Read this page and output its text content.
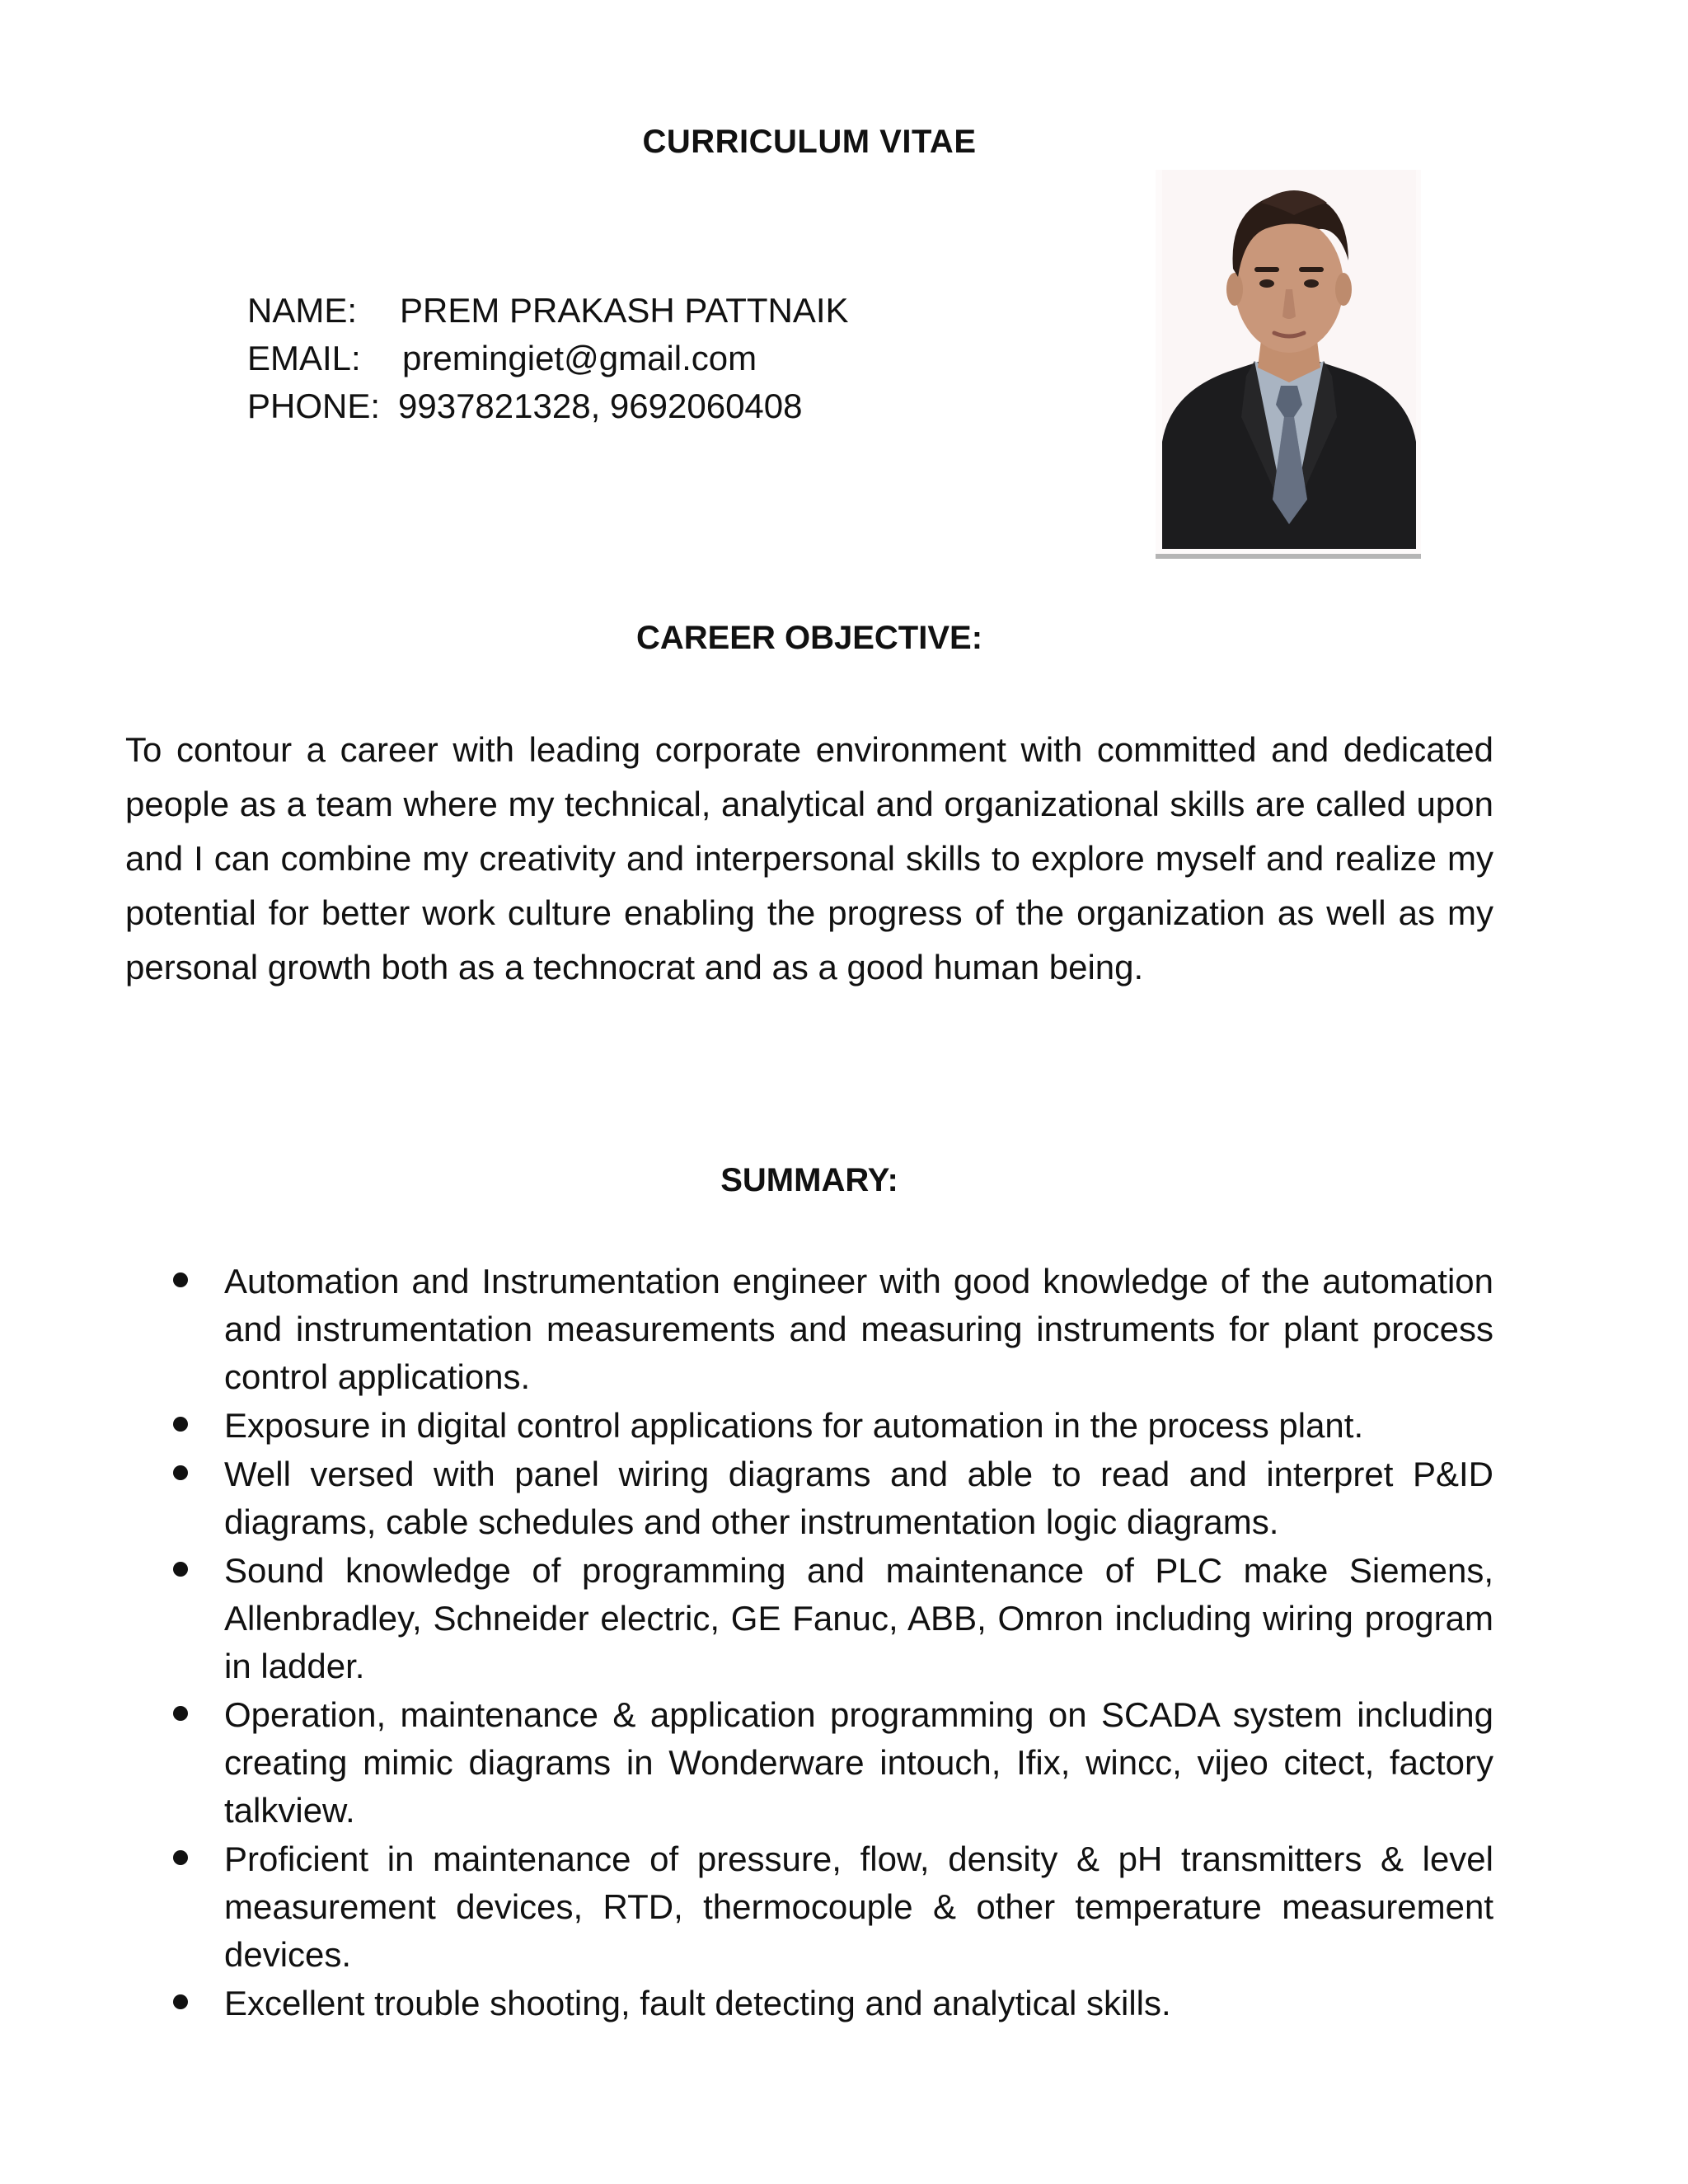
CURRICULUM VITAE
NAME:	PREM PRAKASH PATTNAIK
EMAIL:	premingiet@gmail.com
PHONE: 9937821328, 9692060408
CAREER OBJECTIVE:
To contour a career with leading corporate environment with committed and dedicated people as a team where my technical, analytical and organizational skills are called upon and I can combine my creativity and interpersonal skills to explore myself and realize my potential for better work culture enabling the progress of the organization as well as my personal growth both as a technocrat and as a good human being.
SUMMARY:
Automation and Instrumentation engineer with good knowledge of the automation and instrumentation measurements and measuring instruments for plant process control applications.
Exposure in digital control applications for automation in the process plant.
Well versed with panel wiring diagrams and able to read and interpret P&ID diagrams, cable schedules and other instrumentation logic diagrams.
Sound knowledge of programming and maintenance of PLC make Siemens, Allenbradley, Schneider electric, GE Fanuc, ABB, Omron including wiring program in ladder.
Operation, maintenance & application programming on SCADA system including creating mimic diagrams in Wonderware intouch, Ifix, wincc, vijeo citect, factory talkview.
Proficient in maintenance of pressure, flow, density & pH transmitters & level measurement devices, RTD, thermocouple & other temperature measurement devices.
Excellent trouble shooting, fault detecting and analytical skills.
